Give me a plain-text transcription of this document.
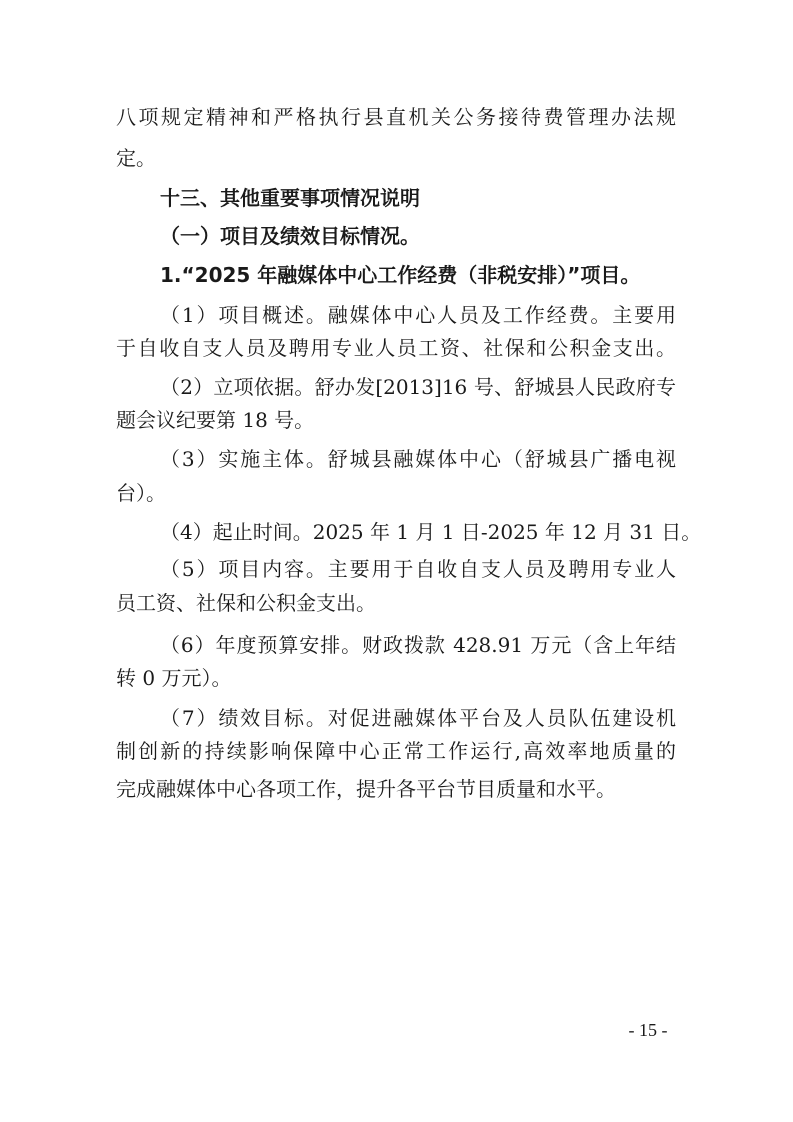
八项规定精神和严格执行县直机关公务接待费管理办法规
定。
十三、其他重要事项情况说明
（一）项目及绩效目标情况。
1.“2025 年融媒体中心工作经费（非税安排）”项目。
（1）项目概述。融媒体中心人员及工作经费。主要用
于自收自支人员及聘用专业人员工资、社保和公积金支出。
（2）立项依据。舒办发[2013]16 号、舒城县人民政府专
题会议纪要第 18 号。
（3）实施主体。舒城县融媒体中心（舒城县广播电视
台）。
（4）起止时间。2025 年 1 月 1 日-2025 年 12 月 31 日。
（5）项目内容。主要用于自收自支人员及聘用专业人
员工资、社保和公积金支出。
（6）年度预算安排。财政拨款 428.91 万元（含上年结
转 0 万元）。
（7）绩效目标。对促进融媒体平台及人员队伍建设机
制创新的持续影响保障中心正常工作运行,高效率地质量的
完成融媒体中心各项工作，提升各平台节目质量和水平。
- 15 -
